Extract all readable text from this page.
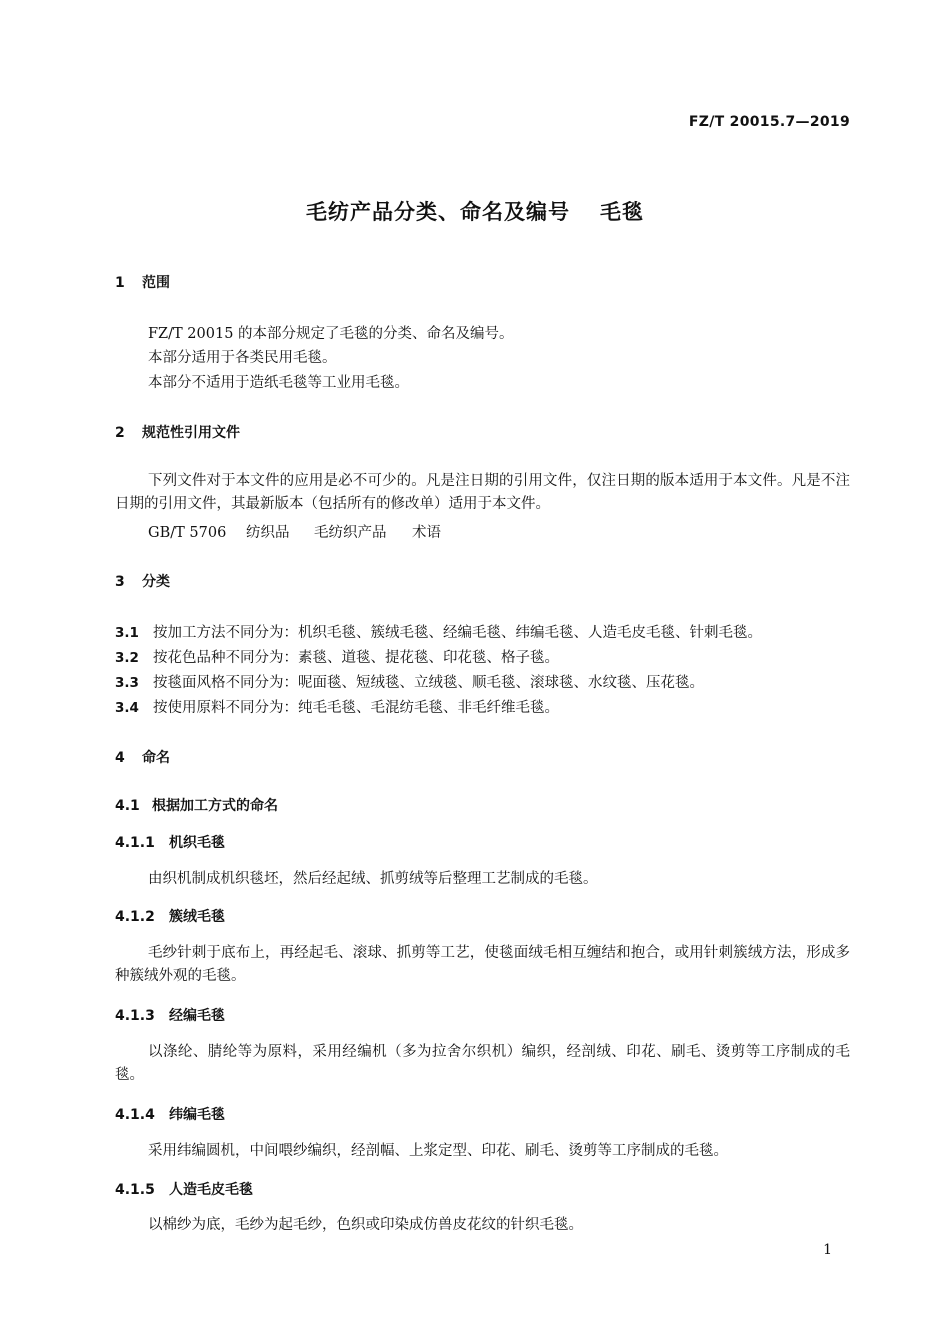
FZ/T 20015.7—2019
毛纺产品分类、命名及编号 毛毯
1 范围
FZ/T 20015 的本部分规定了毛毯的分类、命名及编号。
本部分适用于各类民用毛毯。
本部分不适用于造纸毛毯等工业用毛毯。
2 规范性引用文件
下列文件对于本文件的应用是必不可少的。凡是注日期的引用文件，仅注日期的版本适用于本文件。凡是不注日期的引用文件，其最新版本（包括所有的修改单）适用于本文件。
GB/T 5706 纺织品 毛纺织产品 术语
3 分类
3.1 按加工方法不同分为：机织毛毯、簇绒毛毯、经编毛毯、纬编毛毯、人造毛皮毛毯、针刺毛毯。
3.2 按花色品种不同分为：素毯、道毯、提花毯、印花毯、格子毯。
3.3 按毯面风格不同分为：呢面毯、短绒毯、立绒毯、顺毛毯、滚球毯、水纹毯、压花毯。
3.4 按使用原料不同分为：纯毛毛毯、毛混纺毛毯、非毛纤维毛毯。
4 命名
4.1 根据加工方式的命名
4.1.1 机织毛毯
由织机制成机织毯坯，然后经起绒、抓剪绒等后整理工艺制成的毛毯。
4.1.2 簇绒毛毯
毛纱针刺于底布上，再经起毛、滚球、抓剪等工艺，使毯面绒毛相互缠结和抱合，或用针刺簇绒方法，形成多种簇绒外观的毛毯。
4.1.3 经编毛毯
以涤纶、腈纶等为原料，采用经编机（多为拉舍尔织机）编织，经剖绒、印花、刷毛、烫剪等工序制成的毛毯。
4.1.4 纬编毛毯
采用纬编圆机，中间喂纱编织，经剖幅、上浆定型、印花、刷毛、烫剪等工序制成的毛毯。
4.1.5 人造毛皮毛毯
以棉纱为底，毛纱为起毛纱，色织或印染成仿兽皮花纹的针织毛毯。
1
